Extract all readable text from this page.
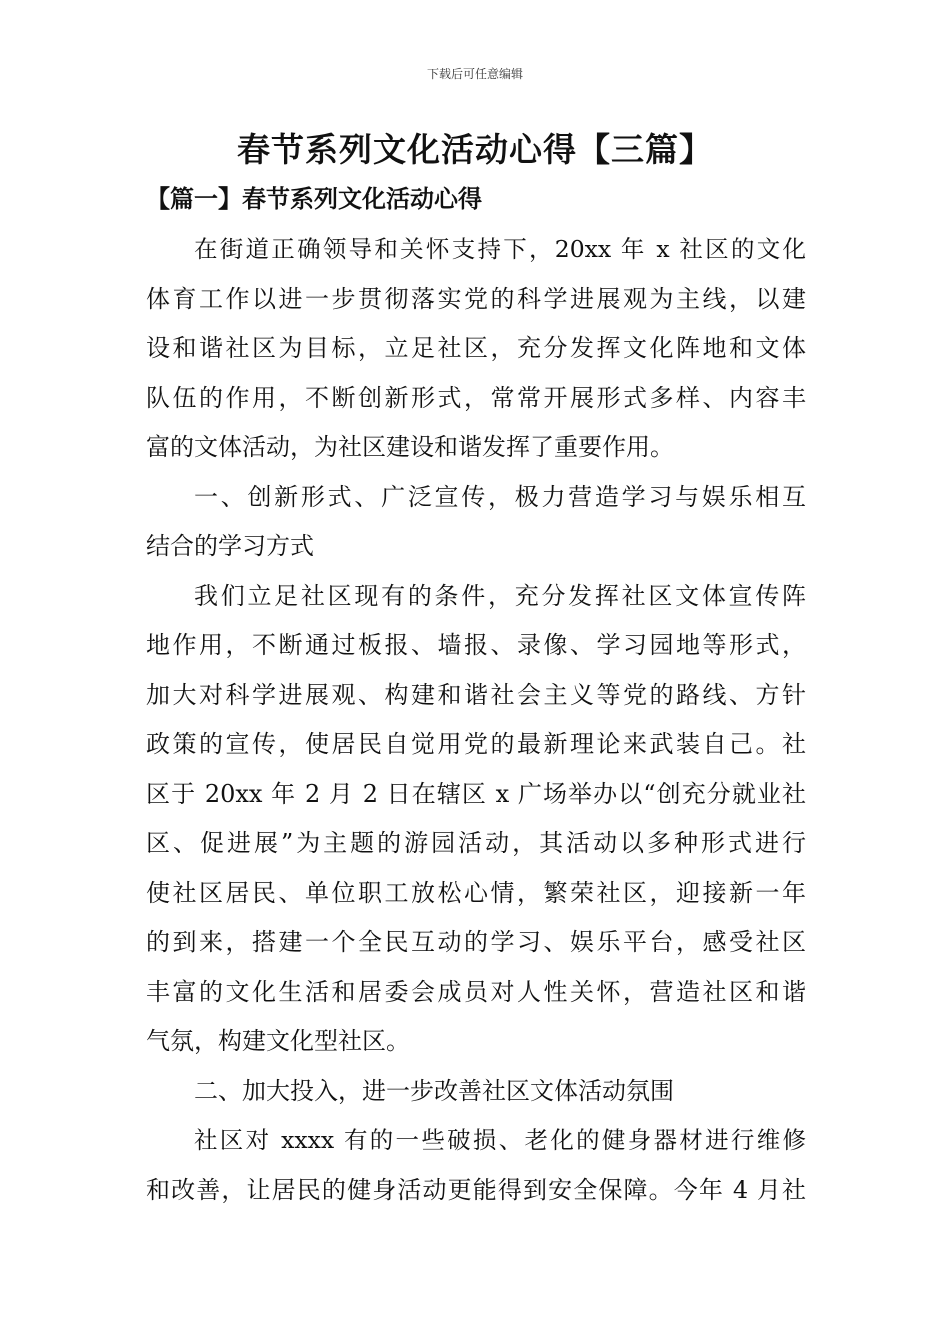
下载后可任意编辑
春节系列文化活动心得【三篇】
【篇一】春节系列文化活动心得

在街道正确领导和关怀支持下，20xx 年 x 社区的文化
体育工作以进一步贯彻落实党的科学进展观为主线，以建
设和谐社区为目标，立足社区，充分发挥文化阵地和文体
队伍的作用，不断创新形式，常常开展形式多样、内容丰
富的文体活动，为社区建设和谐发挥了重要作用。

一、创新形式、广泛宣传，极力营造学习与娱乐相互
结合的学习方式

我们立足社区现有的条件，充分发挥社区文体宣传阵
地作用，不断通过板报、墙报、录像、学习园地等形式，
加大对科学进展观、构建和谐社会主义等党的路线、方针
政策的宣传，使居民自觉用党的最新理论来武装自己。社
区于 20xx 年 2 月 2 日在辖区 x 广场举办以“创充分就业社
区、促进展”为主题的游园活动，其活动以多种形式进行
使社区居民、单位职工放松心情，繁荣社区，迎接新一年
的到来，搭建一个全民互动的学习、娱乐平台，感受社区
丰富的文化生活和居委会成员对人性关怀，营造社区和谐
气氛，构建文化型社区。

二、加大投入，进一步改善社区文体活动氛围

社区对 xxxx 有的一些破损、老化的健身器材进行维修
和改善，让居民的健身活动更能得到安全保障。今年 4 月社
